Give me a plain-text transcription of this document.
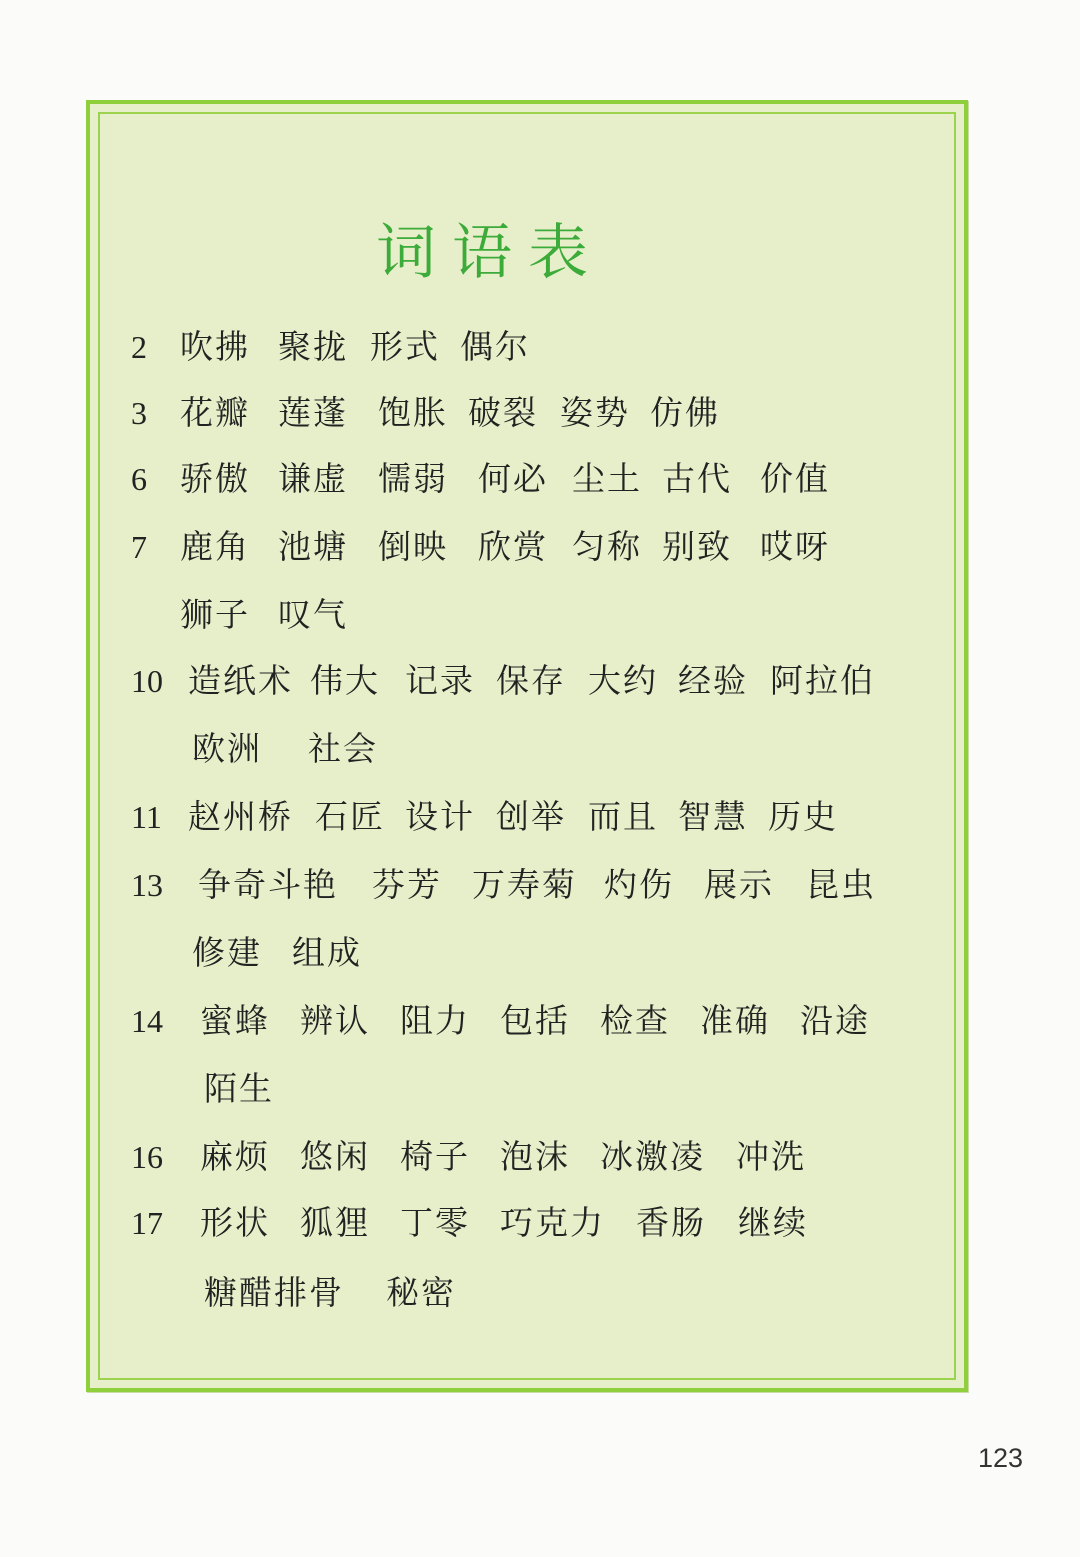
词语表
2 吹拂 聚拢 形式 偶尔
3 花瓣 莲蓬 饱胀 破裂 姿势 仿佛
6 骄傲 谦虚 懦弱 何必 尘土 古代 价值
7 鹿角 池塘 倒映 欣赏 匀称 别致 哎呀
狮子 叹气
10 造纸术 伟大 记录 保存 大约 经验 阿拉伯
欧洲 社会
11 赵州桥 石匠 设计 创举 而且 智慧 历史
13 争奇斗艳 芬芳 万寿菊 灼伤 展示 昆虫
修建 组成
14 蜜蜂 辨认 阻力 包括 检查 准确 沿途
陌生
16 麻烦 悠闲 椅子 泡沫 冰激凌 冲洗
17 形状 狐狸 丁零 巧克力 香肠 继续
糖醋排骨 秘密
123
